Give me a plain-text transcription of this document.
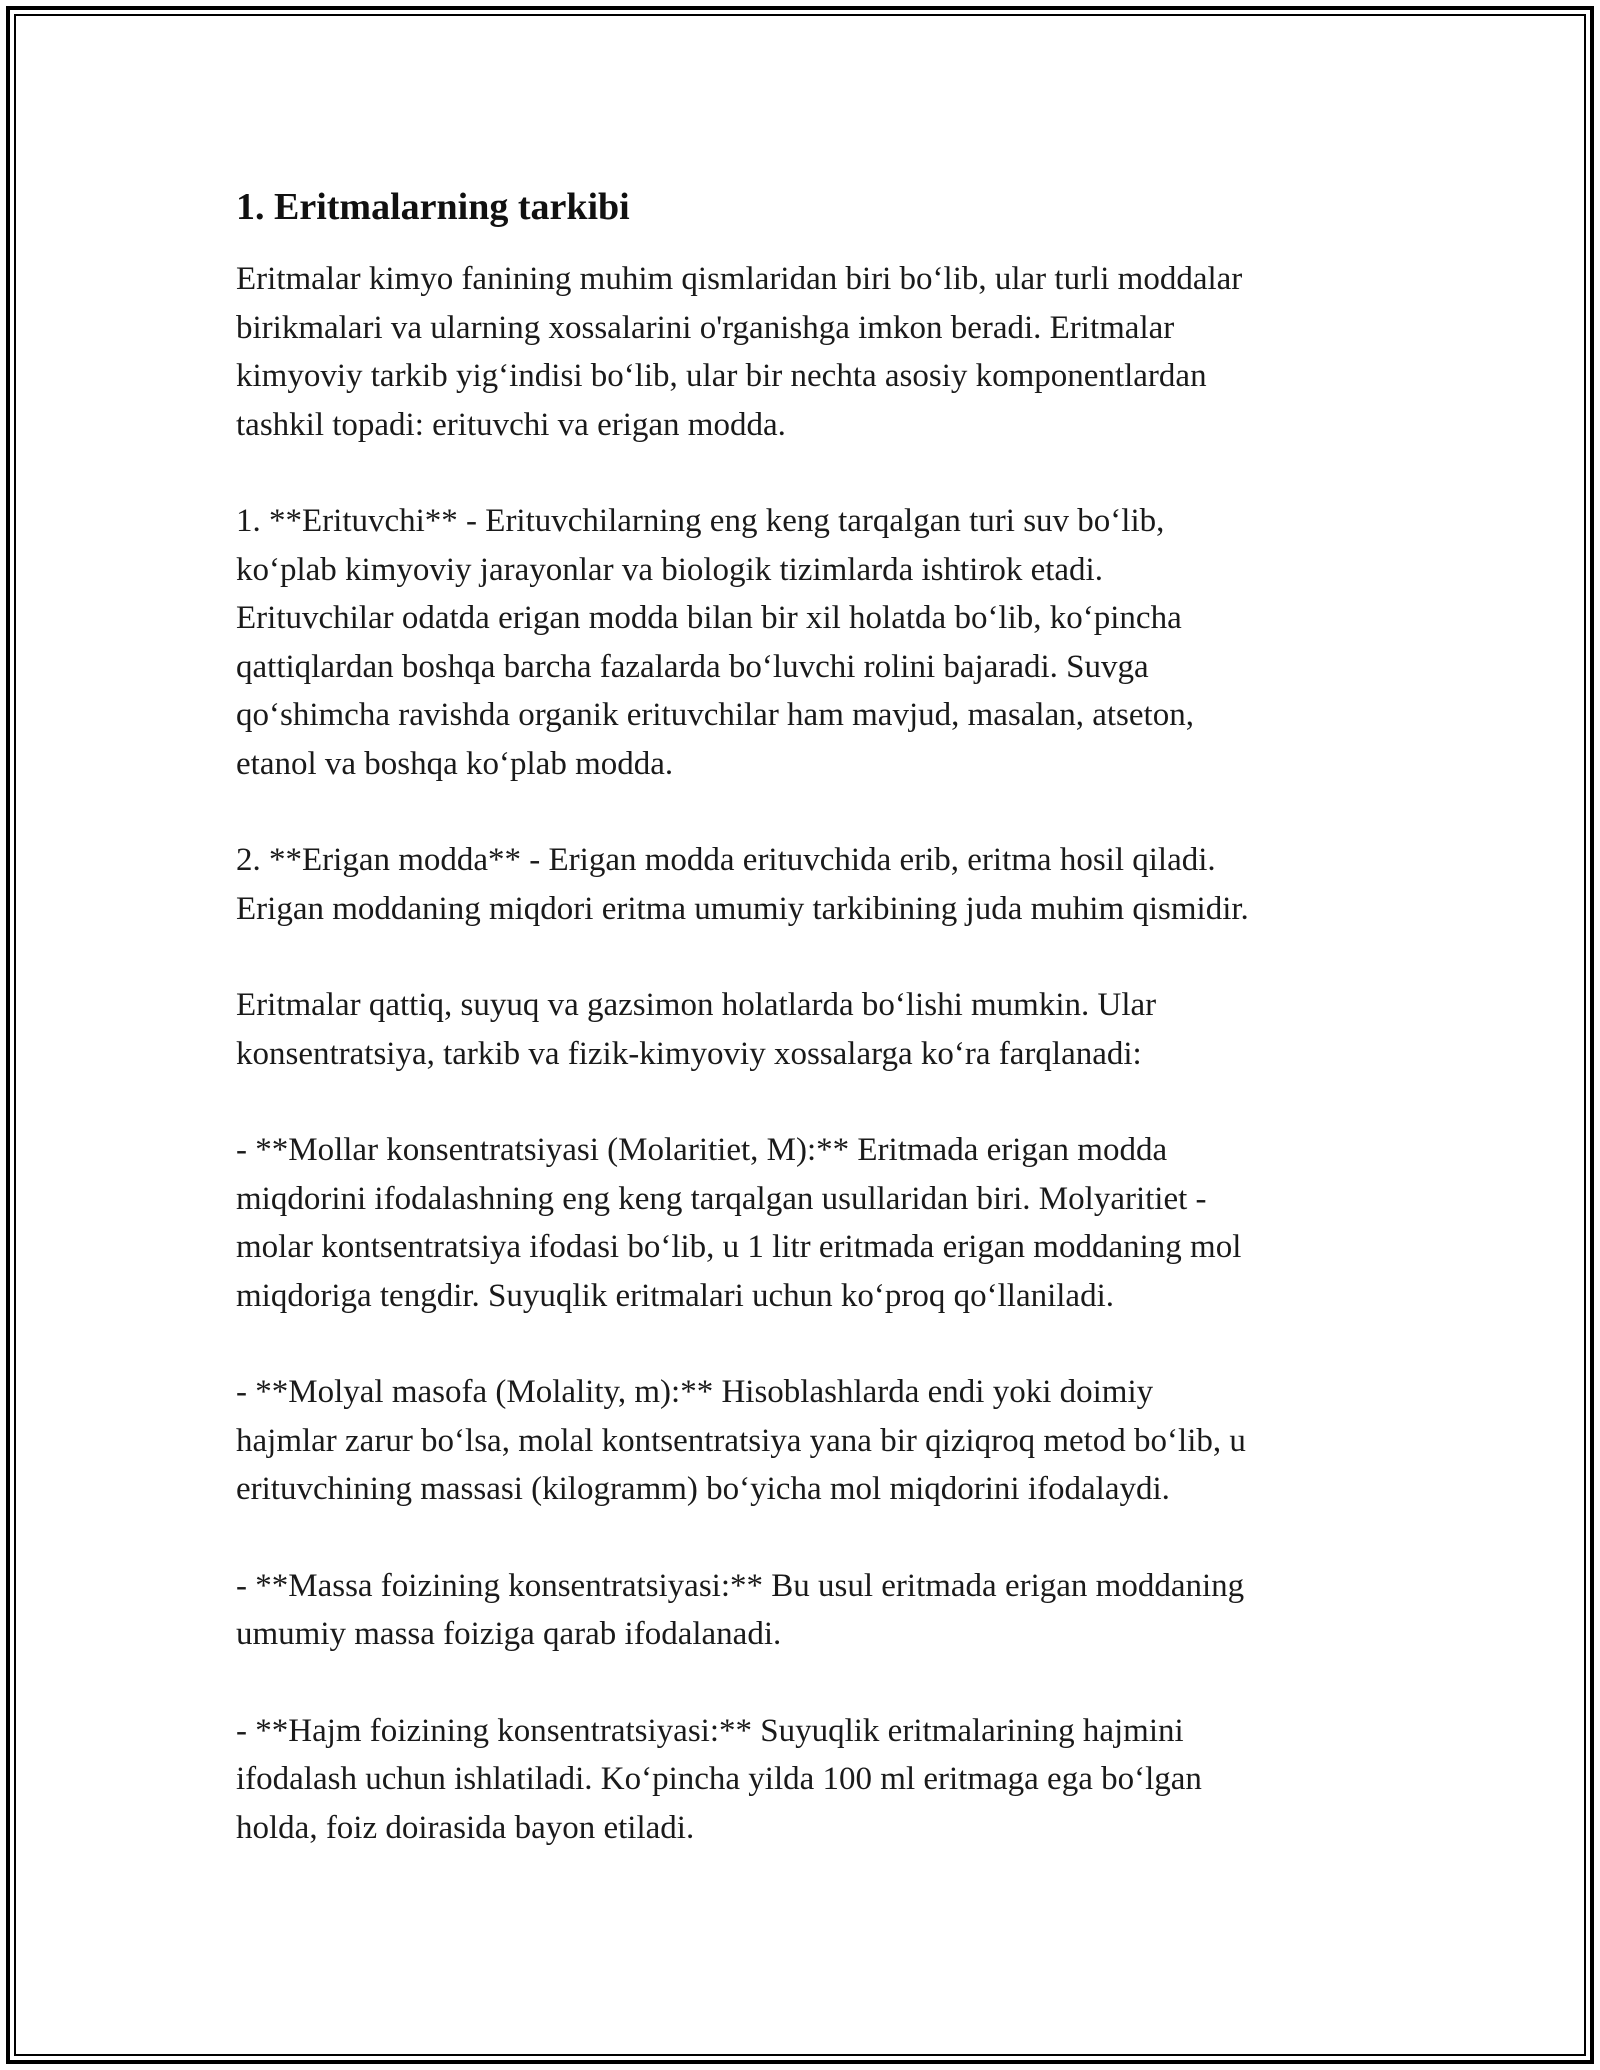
1. Eritmalarning tarkibi
Eritmalar kimyo fanining muhim qismlaridan biri bo‘lib, ular turli moddalar
birikmalari va ularning xossalarini o'rganishga imkon beradi. Eritmalar
kimyoviy tarkib yig‘indisi bo‘lib, ular bir nechta asosiy komponentlardan
tashkil topadi: erituvchi va erigan modda.
1. **Erituvchi** - Erituvchilarning eng keng tarqalgan turi suv bo‘lib,
ko‘plab kimyoviy jarayonlar va biologik tizimlarda ishtirok etadi.
Erituvchilar odatda erigan modda bilan bir xil holatda bo‘lib, ko‘pincha
qattiqlardan boshqa barcha fazalarda bo‘luvchi rolini bajaradi. Suvga
qo‘shimcha ravishda organik erituvchilar ham mavjud, masalan, atseton,
etanol va boshqa ko‘plab modda.
2. **Erigan modda** - Erigan modda erituvchida erib, eritma hosil qiladi.
Erigan moddaning miqdori eritma umumiy tarkibining juda muhim qismidir.
Eritmalar qattiq, suyuq va gazsimon holatlarda bo‘lishi mumkin. Ular
konsentratsiya, tarkib va fizik-kimyoviy xossalarga ko‘ra farqlanadi:
- **Mollar konsentratsiyasi (Molaritiet, M):** Eritmada erigan modda
miqdorini ifodalashning eng keng tarqalgan usullaridan biri. Molyaritiet -
molar kontsentratsiya ifodasi bo‘lib, u 1 litr eritmada erigan moddaning mol
miqdoriga tengdir. Suyuqlik eritmalari uchun ko‘proq qo‘llaniladi.
- **Molyal masofa (Molality, m):** Hisoblashlarda endi yoki doimiy
hajmlar zarur bo‘lsa, molal kontsentratsiya yana bir qiziqroq metod bo‘lib, u
erituvchining massasi (kilogramm) bo‘yicha mol miqdorini ifodalaydi.
- **Massa foizining konsentratsiyasi:** Bu usul eritmada erigan moddaning
umumiy massa foiziga qarab ifodalanadi.
- **Hajm foizining konsentratsiyasi:** Suyuqlik eritmalarining hajmini
ifodalash uchun ishlatiladi. Ko‘pincha yilda 100 ml eritmaga ega bo‘lgan
holda, foiz doirasida bayon etiladi.
